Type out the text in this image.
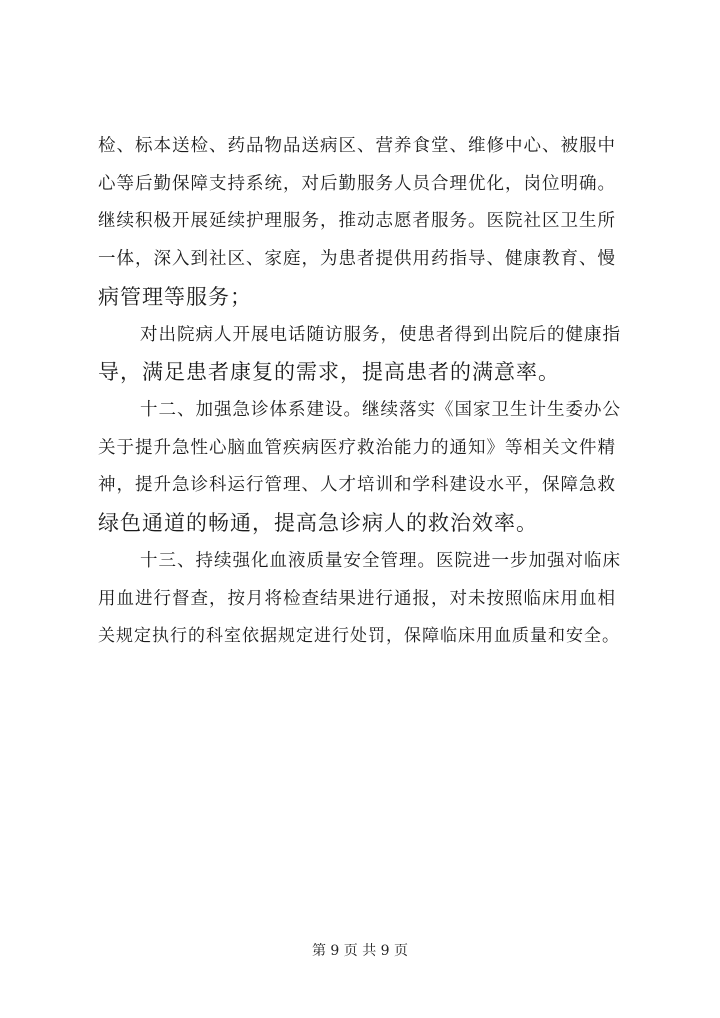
检、标本送检、药品物品送病区、营养食堂、维修中心、被服中
心等后勤保障支持系统，对后勤服务人员合理优化，岗位明确。
继续积极开展延续护理服务，推动志愿者服务。医院社区卫生所
一体，深入到社区、家庭，为患者提供用药指导、健康教育、慢
病管理等服务；
对出院病人开展电话随访服务，使患者得到出院后的健康指
导，满足患者康复的需求，提高患者的满意率。
十二、加强急诊体系建设。继续落实《国家卫生计生委办公
关于提升急性心脑血管疾病医疗救治能力的通知》等相关文件精
神，提升急诊科运行管理、人才培训和学科建设水平，保障急救
绿色通道的畅通，提高急诊病人的救治效率。
十三、持续强化血液质量安全管理。医院进一步加强对临床
用血进行督查，按月将检查结果进行通报，对未按照临床用血相
关规定执行的科室依据规定进行处罚，保障临床用血质量和安全。
第 9 页 共 9 页
